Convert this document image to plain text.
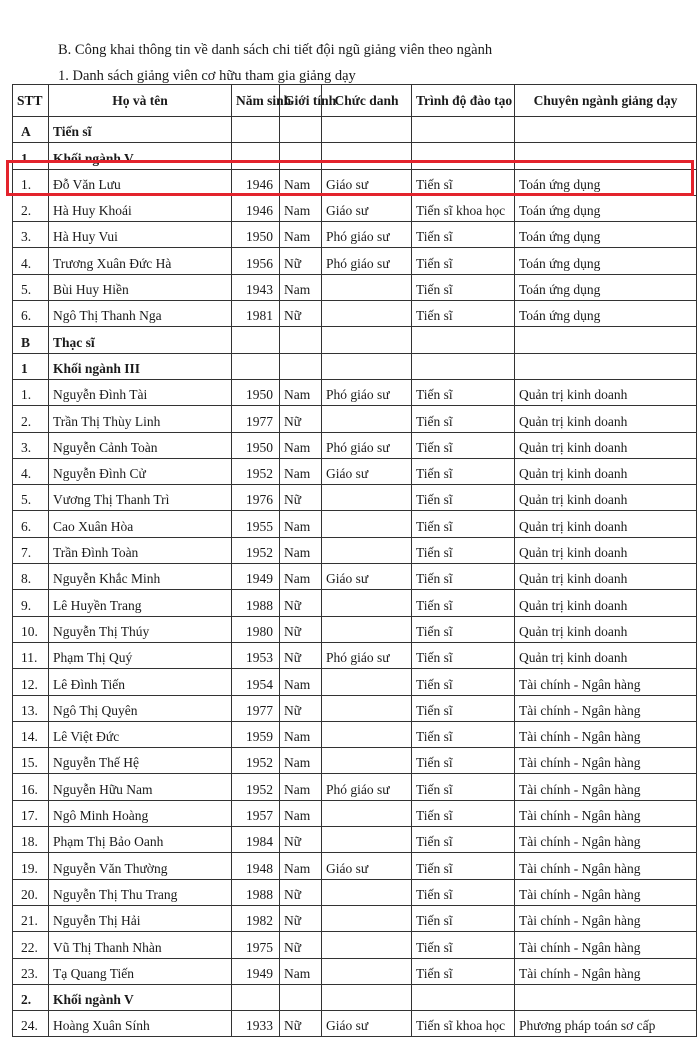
B. Công khai thông tin về danh sách chi tiết đội ngũ giảng viên theo ngành
1. Danh sách giảng viên cơ hữu tham gia giảng dạy
STT	Họ và tên	Năm sinh	Giới tính	Chức danh	Trình độ đào tạo	Chuyên ngành giảng dạy
A	Tiến sĩ					
1	Khối ngành V					
1.	Đỗ Văn Lưu	1946	Nam	Giáo sư	Tiến sĩ	Toán ứng dụng
2.	Hà Huy Khoái	1946	Nam	Giáo sư	Tiến sĩ khoa học	Toán ứng dụng
3.	Hà Huy Vui	1950	Nam	Phó giáo sư	Tiến sĩ	Toán ứng dụng
4.	Trương Xuân Đức Hà	1956	Nữ	Phó giáo sư	Tiến sĩ	Toán ứng dụng
5.	Bùi Huy Hiền	1943	Nam		Tiến sĩ	Toán ứng dụng
6.	Ngô Thị Thanh Nga	1981	Nữ		Tiến sĩ	Toán ứng dụng
B	Thạc sĩ					
1	Khối ngành III					
1.	Nguyễn Đình Tài	1950	Nam	Phó giáo sư	Tiến sĩ	Quản trị kinh doanh
2.	Trần Thị Thùy Linh	1977	Nữ		Tiến sĩ	Quản trị kinh doanh
3.	Nguyễn Cảnh Toàn	1950	Nam	Phó giáo sư	Tiến sĩ	Quản trị kinh doanh
4.	Nguyễn Đình Cử	1952	Nam	Giáo sư	Tiến sĩ	Quản trị kinh doanh
5.	Vương Thị Thanh Trì	1976	Nữ		Tiến sĩ	Quản trị kinh doanh
6.	Cao Xuân Hòa	1955	Nam		Tiến sĩ	Quản trị kinh doanh
7.	Trần Đình Toàn	1952	Nam		Tiến sĩ	Quản trị kinh doanh
8.	Nguyễn Khắc Minh	1949	Nam	Giáo sư	Tiến sĩ	Quản trị kinh doanh
9.	Lê Huyền Trang	1988	Nữ		Tiến sĩ	Quản trị kinh doanh
10.	Nguyễn Thị Thúy	1980	Nữ		Tiến sĩ	Quản trị kinh doanh
11.	Phạm Thị Quý	1953	Nữ	Phó giáo sư	Tiến sĩ	Quản trị kinh doanh
12.	Lê Đình Tiến	1954	Nam		Tiến sĩ	Tài chính - Ngân hàng
13.	Ngô Thị Quyên	1977	Nữ		Tiến sĩ	Tài chính - Ngân hàng
14.	Lê Việt Đức	1959	Nam		Tiến sĩ	Tài chính - Ngân hàng
15.	Nguyễn Thế Hệ	1952	Nam		Tiến sĩ	Tài chính - Ngân hàng
16.	Nguyễn Hữu Nam	1952	Nam	Phó giáo sư	Tiến sĩ	Tài chính - Ngân hàng
17.	Ngô Minh Hoàng	1957	Nam		Tiến sĩ	Tài chính - Ngân hàng
18.	Phạm Thị Bảo Oanh	1984	Nữ		Tiến sĩ	Tài chính - Ngân hàng
19.	Nguyễn Văn Thường	1948	Nam	Giáo sư	Tiến sĩ	Tài chính - Ngân hàng
20.	Nguyễn Thị Thu Trang	1988	Nữ		Tiến sĩ	Tài chính - Ngân hàng
21.	Nguyễn Thị Hải	1982	Nữ		Tiến sĩ	Tài chính - Ngân hàng
22.	Vũ Thị Thanh Nhàn	1975	Nữ		Tiến sĩ	Tài chính - Ngân hàng
23.	Tạ Quang Tiến	1949	Nam		Tiến sĩ	Tài chính - Ngân hàng
2.	Khối ngành V					
24.	Hoàng Xuân Sính	1933	Nữ	Giáo sư	Tiến sĩ khoa học	Phương pháp toán sơ cấp
